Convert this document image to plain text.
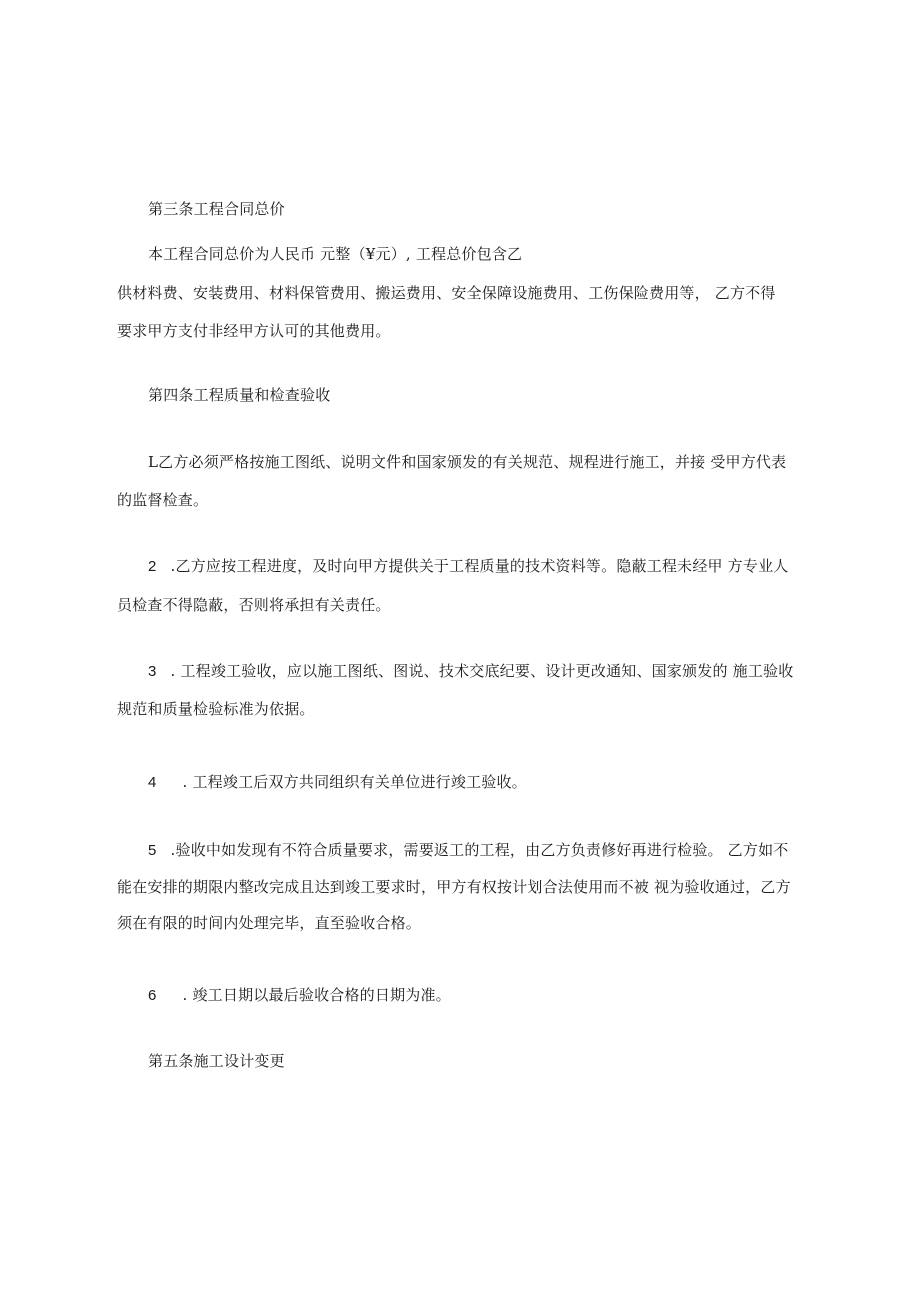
第三条工程合同总价
本工程合同总价为人民币 元整（¥元）, 工程总价包含乙
供材料费、安装费用、材料保管费用、搬运费用、安全保障设施费用、工伤保险费用等， 乙方不得
要求甲方支付非经甲方认可的其他费用。
第四条工程质量和检查验收
L乙方必须严格按施工图纸、说明文件和国家颁发的有关规范、规程进行施工，并接 受甲方代表
的监督检查。
2 .乙方应按工程进度，及时向甲方提供关于工程质量的技术资料等。隐蔽工程未经甲 方专业人
员检查不得隐蔽，否则将承担有关责任。
3 . 工程竣工验收，应以施工图纸、图说、技术交底纪要、设计更改通知、国家颁发的 施工验收
规范和质量检验标准为依据。
4 . 工程竣工后双方共同组织有关单位进行竣工验收。
5 .验收中如发现有不符合质量要求，需要返工的工程，由乙方负责修好再进行检验。 乙方如不
能在安排的期限内整改完成且达到竣工要求时，甲方有权按计划合法使用而不被 视为验收通过，乙方
须在有限的时间内处理完毕，直至验收合格。
6 . 竣工日期以最后验收合格的日期为准。
第五条施工设计变更
